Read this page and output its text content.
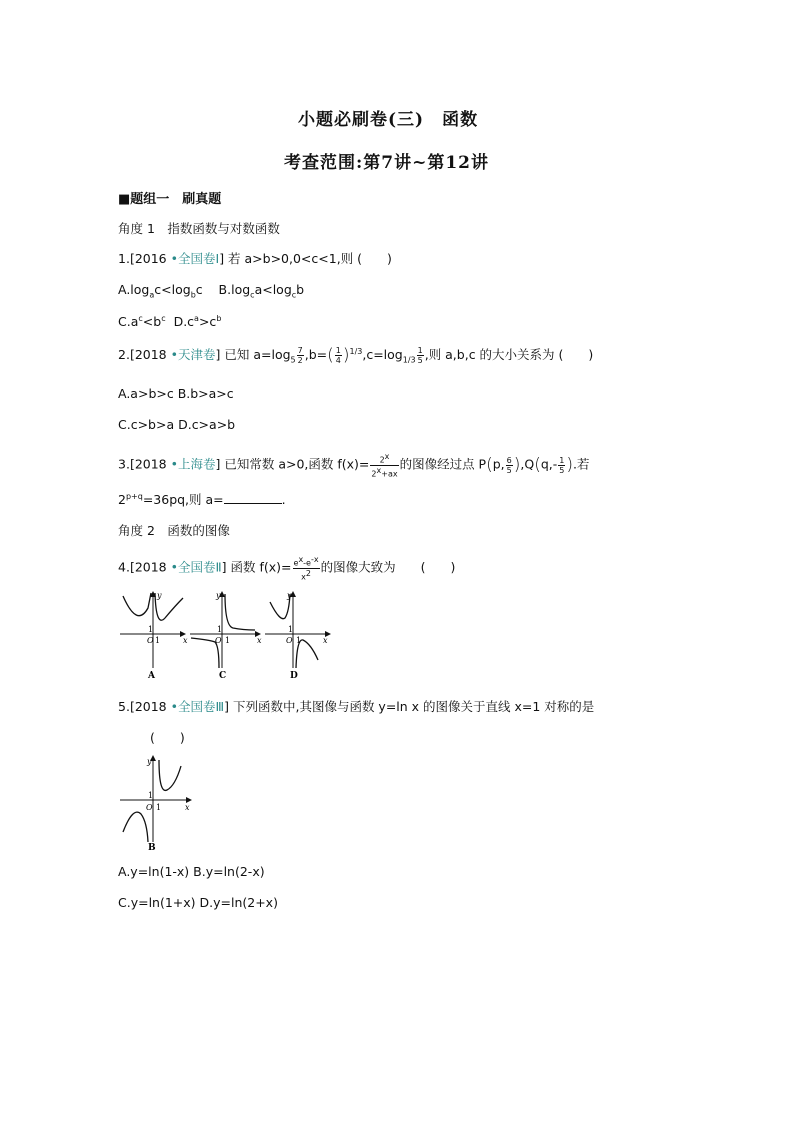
小题必刷卷(三)　函数
考查范围:第7讲~第12讲
■题组一　刷真题
角度 1　指数函数与对数函数
1.[2016 •全国卷Ⅰ] 若 a>b>0,0<c<1,则 (　　)
$A.\log_ac<\log_bc$    $B.\log_ca<\log_cb$
$C.a^c<b^c$ $D.c^a>c^b$
2.[2018 •天津卷] 已知 $a=\log_5 \frac{7}{2} ,b=( \frac{1}{4} )^{1/3},c=\log_{1/3} \frac{1}{5}$ ,则 a,b,c 的大小关系为 (　　)
A.a>b>c B.b>a>c
C.c>b>a D.c>a>b
3.[2018 •上海卷] 已知常数 a>0,函数 $f(x)= \frac{2^x}{2^x+ax}$ 的图像经过点 P(p, $\frac{6}{5} ),Q(q,- \frac{1}{5}$ ).若
$2^{p+q}=36pq$,则 a=	.
角度 2　函数的图像
4.[2018 •全国卷Ⅱ] 函数 $f(x)= \frac{e^x-e^{-x}}{x^2}$ 的图像大致为　　(　　)
y
1
O 1	x
A
y
1
O 1	x
C
y
1
O 1	x
D
5.[2018 •全国卷Ⅲ] 下列函数中,其图像与函数 y=ln x 的图像关于直线 x=1 对称的是
(　　)
y
1
O 1	x
B
A.y=ln(1-x) B.y=ln(2-x)
C.y=ln(1+x) D.y=ln(2+x)
